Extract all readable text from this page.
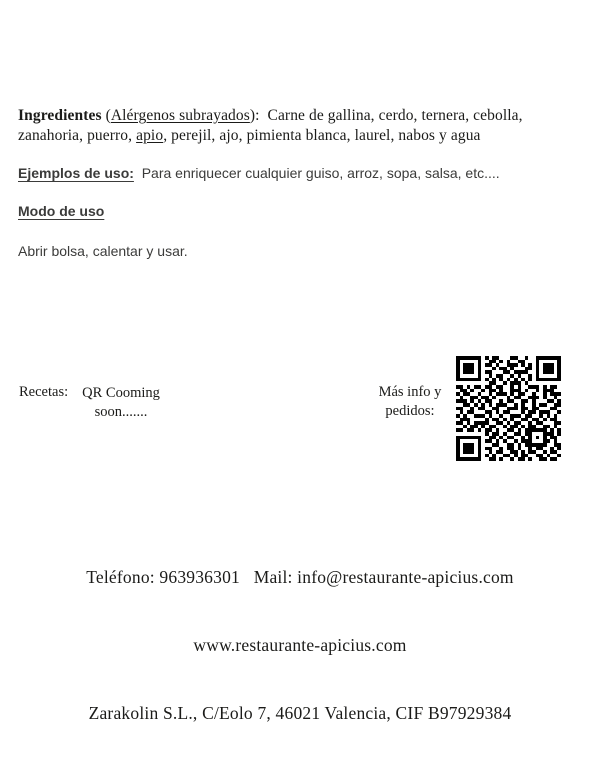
Ingredientes (Alérgenos subrayados):  Carne de gallina, cerdo, ternera, cebolla, zanahoria, puerro, apio, perejil, ajo, pimienta blanca, laurel, nabos y agua

Ejemplos de uso:  Para enriquecer cualquier guiso, arroz, sopa, salsa, etc....

Modo de uso

Abrir bolsa, calentar y usar.

Recetas: QR Cooming
soon.......

Más info y
pedidos:

Teléfono: 963936301   Mail: info@restaurante-apicius.com

www.restaurante-apicius.com

Zarakolin S.L., C/Eolo 7, 46021 Valencia, CIF B97929384
